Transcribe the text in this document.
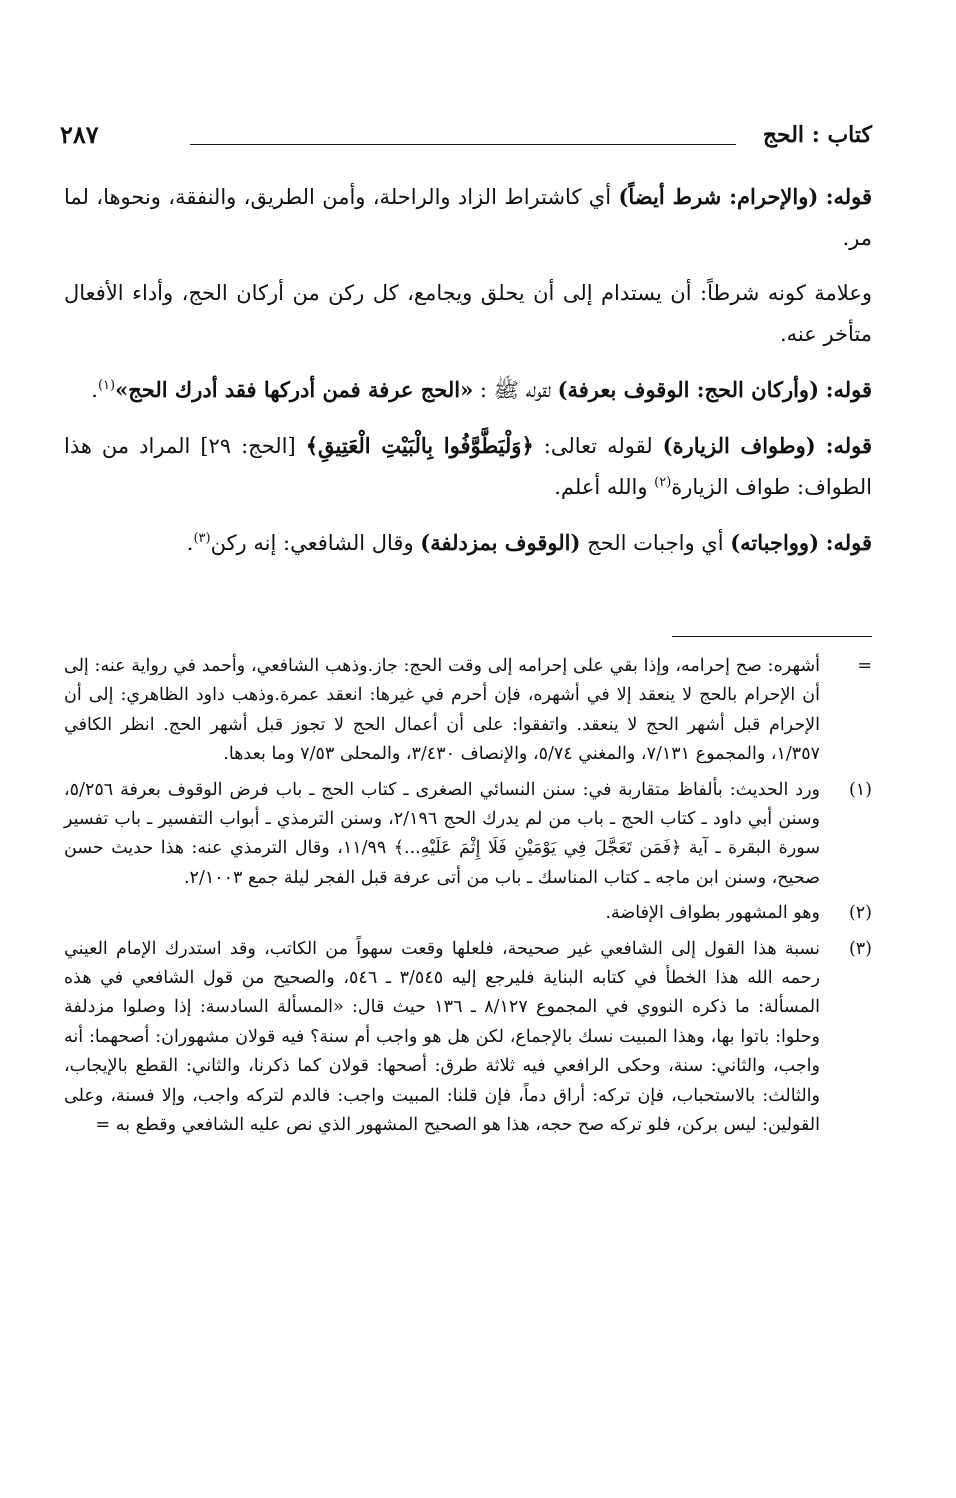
كتاب : الحج
٢٨٧

قوله: (والإحرام: شرط أيضاً) أي كاشتراط الزاد والراحلة، وأمن الطريق، والنفقة، ونحوها، لما مر.

وعلامة كونه شرطاً: أن يستدام إلى أن يحلق ويجامع، كل ركن من أركان الحج، وأداء الأفعال متأخر عنه.

قوله: (وأركان الحج: الوقوف بعرفة) لقوله ﷺ : «الحج عرفة فمن أدركها فقد أدرك الحج»$^{(١)}$.

قوله: (وطواف الزيارة) لقوله تعالى: ﴿وَلْيَطَّوَّفُوا بِالْبَيْتِ الْعَتِيقِ﴾ [الحج: ٢٩] المراد من هذا الطواف: طواف الزيارة$^{(٢)}$ والله أعلم.

قوله: (وواجباته) أي واجبات الحج (الوقوف بمزدلفة) وقال الشافعي: إنه ركن$^{(٣)}$.

=
أشهره: صح إحرامه، وإذا بقي على إحرامه إلى وقت الحج: جاز.وذهب الشافعي، وأحمد في رواية عنه: إلى أن الإحرام بالحج لا ينعقد إلا في أشهره، فإن أحرم في غيرها: انعقد عمرة.وذهب داود الظاهري: إلى أن الإحرام قبل أشهر الحج لا ينعقد. واتفقوا: على أن أعمال الحج لا تجوز قبل أشهر الحج. انظر الكافي ١/٣٥٧، والمجموع ٧/١٣١، والمغني ٥/٧٤، والإنصاف ٣/٤٣٠، والمحلى ٧/٥٣ وما بعدها.
(١)
ورد الحديث: بألفاظ متقاربة في: سنن النسائي الصغرى ـ كتاب الحج ـ باب فرض الوقوف بعرفة ٥/٢٥٦، وسنن أبي داود ـ كتاب الحج ـ باب من لم يدرك الحج ٢/١٩٦، وسنن الترمذي ـ أبواب التفسير ـ باب تفسير سورة البقرة ـ آية ﴿فَمَن تَعَجَّلَ فِي يَوْمَيْنِ فَلَا إِثْمَ عَلَيْهِ...﴾ ١١/٩٩، وقال الترمذي عنه: هذا حديث حسن صحيح، وسنن ابن ماجه ـ كتاب المناسك ـ باب من أتى عرفة قبل الفجر ليلة جمع ٢/١٠٠٣.
(٢)
وهو المشهور بطواف الإفاضة.
(٣)
نسبة هذا القول إلى الشافعي غير صحيحة، فلعلها وقعت سهواً من الكاتب، وقد استدرك الإمام العيني رحمه الله هذا الخطأ في كتابه البناية فليرجع إليه ٣/٥٤٥ ـ ٥٤٦، والصحيح من قول الشافعي في هذه المسألة: ما ذكره النووي في المجموع ٨/١٢٧ ـ ١٣٦ حيث قال: «المسألة السادسة: إذا وصلوا مزدلفة وحلوا: باتوا بها، وهذا المبيت نسك بالإجماع، لكن هل هو واجب أم سنة؟ فيه قولان مشهوران: أصحهما: أنه واجب، والثاني: سنة، وحكى الرافعي فيه ثلاثة طرق: أصحها: قولان كما ذكرنا، والثاني: القطع بالإيجاب، والثالث: بالاستحباب، فإن تركه: أراق دماً، فإن قلنا: المبيت واجب: فالدم لتركه واجب، وإلا فسنة، وعلى القولين: ليس بركن، فلو تركه صح حجه، هذا هو الصحيح المشهور الذي نص عليه الشافعي وقطع به =
